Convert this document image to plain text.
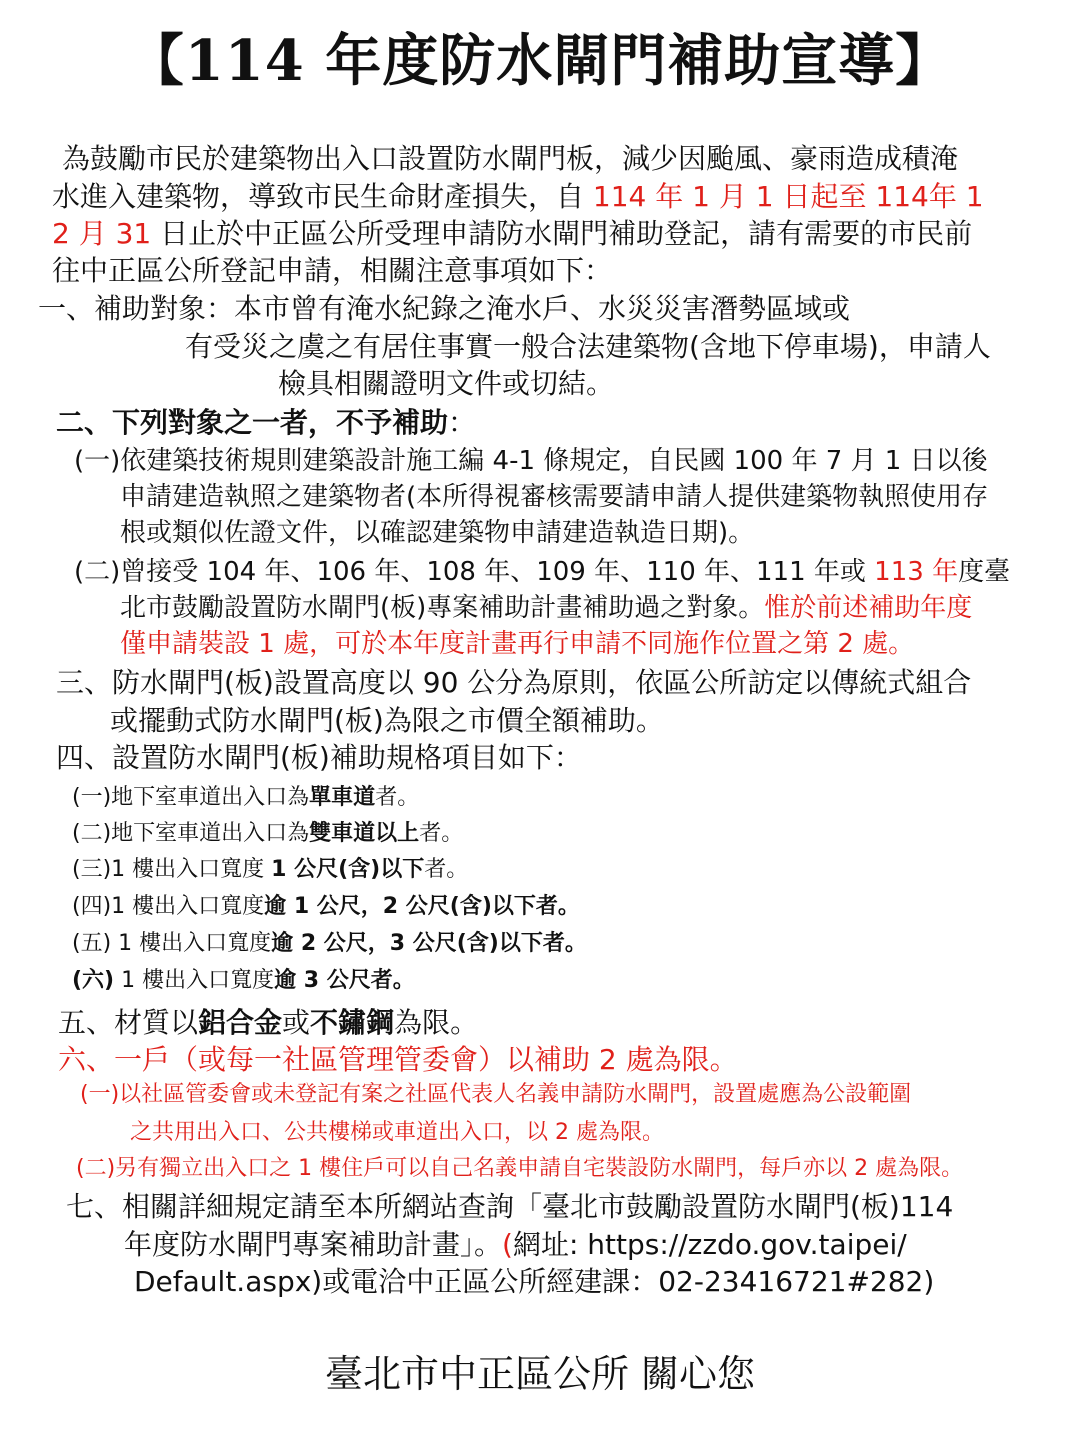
【114 年度防水閘門補助宣導】
為鼓勵市民於建築物出入口設置防水閘門板，減少因颱風、豪雨造成積淹
水進入建築物，導致市民生命財產損失，自 114 年 1 月 1 日起至 114年 1
2 月 31 日止於中正區公所受理申請防水閘門補助登記，請有需要的市民前
往中正區公所登記申請，相關注意事項如下：
一、補助對象：本市曾有淹水紀錄之淹水戶、水災災害潛勢區域或
有受災之虞之有居住事實一般合法建築物(含地下停車場)，申請人
檢具相關證明文件或切結。
二、下列對象之一者，不予補助：
(一)依建築技術規則建築設計施工編 4-1 條規定，自民國 100 年 7 月 1 日以後
申請建造執照之建築物者(本所得視審核需要請申請人提供建築物執照使用存
根或類似佐證文件，以確認建築物申請建造執造日期)。
(二)曾接受 104 年、106 年、108 年、109 年、110 年、111 年或 113 年度臺
北市鼓勵設置防水閘門(板)專案補助計畫補助過之對象。惟於前述補助年度
僅申請裝設 1 處，可於本年度計畫再行申請不同施作位置之第 2 處。
三、防水閘門(板)設置高度以 90 公分為原則，依區公所訪定以傳統式組合
或擺動式防水閘門(板)為限之市價全額補助。
四、設置防水閘門(板)補助規格項目如下：
(一)地下室車道出入口為單車道者。
(二)地下室車道出入口為雙車道以上者。
(三)1 樓出入口寬度 1 公尺(含)以下者。
(四)1 樓出入口寬度逾 1 公尺，2 公尺(含)以下者。
(五) 1 樓出入口寬度逾 2 公尺，3 公尺(含)以下者。
(六) 1 樓出入口寬度逾 3 公尺者。
五、材質以鋁合金或不鏽鋼為限。
六、一戶（或每一社區管理管委會）以補助 2 處為限。
(一)以社區管委會或未登記有案之社區代表人名義申請防水閘門，設置處應為公設範圍
之共用出入口、公共樓梯或車道出入口，以 2 處為限。
(二)另有獨立出入口之 1 樓住戶可以自己名義申請自宅裝設防水閘門，每戶亦以 2 處為限。
七、相關詳細規定請至本所網站查詢「臺北市鼓勵設置防水閘門(板)114
年度防水閘門專案補助計畫」。(網址: https://zzdo.gov.taipei/
Default.aspx)或電洽中正區公所經建課：02-23416721#282)
臺北市中正區公所 關心您
